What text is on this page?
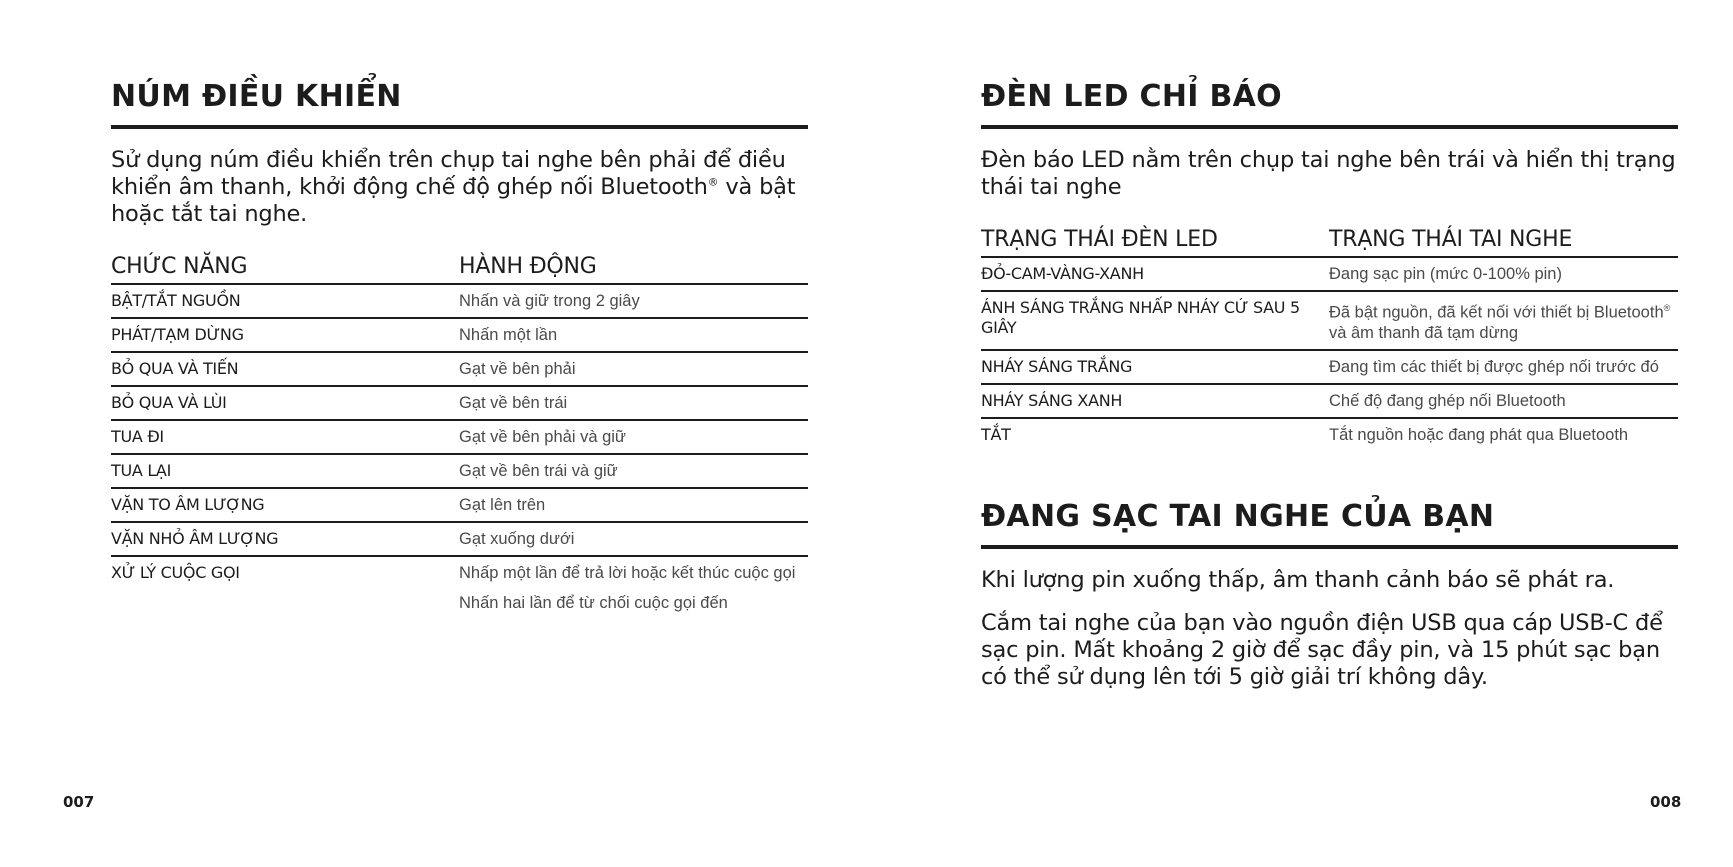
NÚM ĐIỀU KHIỂN

Sử dụng núm điều khiển trên chụp tai nghe bên phải để điều khiển âm thanh, khởi động chế độ ghép nối Bluetooth® và bật hoặc tắt tai nghe.

CHỨC NĂNG	HÀNH ĐỘNG
BẬT/TẮT NGUỒN	Nhấn và giữ trong 2 giây
PHÁT/TẠM DỪNG	Nhấn một lần
BỎ QUA VÀ TIẾN	Gạt về bên phải
BỎ QUA VÀ LÙI	Gạt về bên trái
TUA ĐI	Gạt về bên phải và giữ
TUA LẠI	Gạt về bên trái và giữ
VẶN TO ÂM LƯỢNG	Gạt lên trên
VẶN NHỎ ÂM LƯỢNG	Gạt xuống dưới
XỬ LÝ CUỘC GỌI	Nhấp một lần để trả lời hoặc kết thúc cuộc gọi
Nhấn hai lần để từ chối cuộc gọi đến
ĐÈN LED CHỈ BÁO

Đèn báo LED nằm trên chụp tai nghe bên trái và hiển thị trạng thái tai nghe

TRẠNG THÁI ĐÈN LED	TRẠNG THÁI TAI NGHE
ĐỎ-CAM-VÀNG-XANH	Đang sạc pin (mức 0-100% pin)
ÁNH SÁNG TRẮNG NHẤP NHÁY CỨ SAU 5 GIÂY	Đã bật nguồn, đã kết nối với thiết bị Bluetooth® và âm thanh đã tạm dừng
NHÁY SÁNG TRẮNG	Đang tìm các thiết bị được ghép nối trước đó
NHÁY SÁNG XANH	Chế độ đang ghép nối Bluetooth
TẮT	Tắt nguồn hoặc đang phát qua Bluetooth
ĐANG SẠC TAI NGHE CỦA BẠN

Khi lượng pin xuống thấp, âm thanh cảnh báo sẽ phát ra.

Cắm tai nghe của bạn vào nguồn điện USB qua cáp USB-C để sạc pin. Mất khoảng 2 giờ để sạc đầy pin, và 15 phút sạc bạn có thể sử dụng lên tới 5 giờ giải trí không dây.

007	008
